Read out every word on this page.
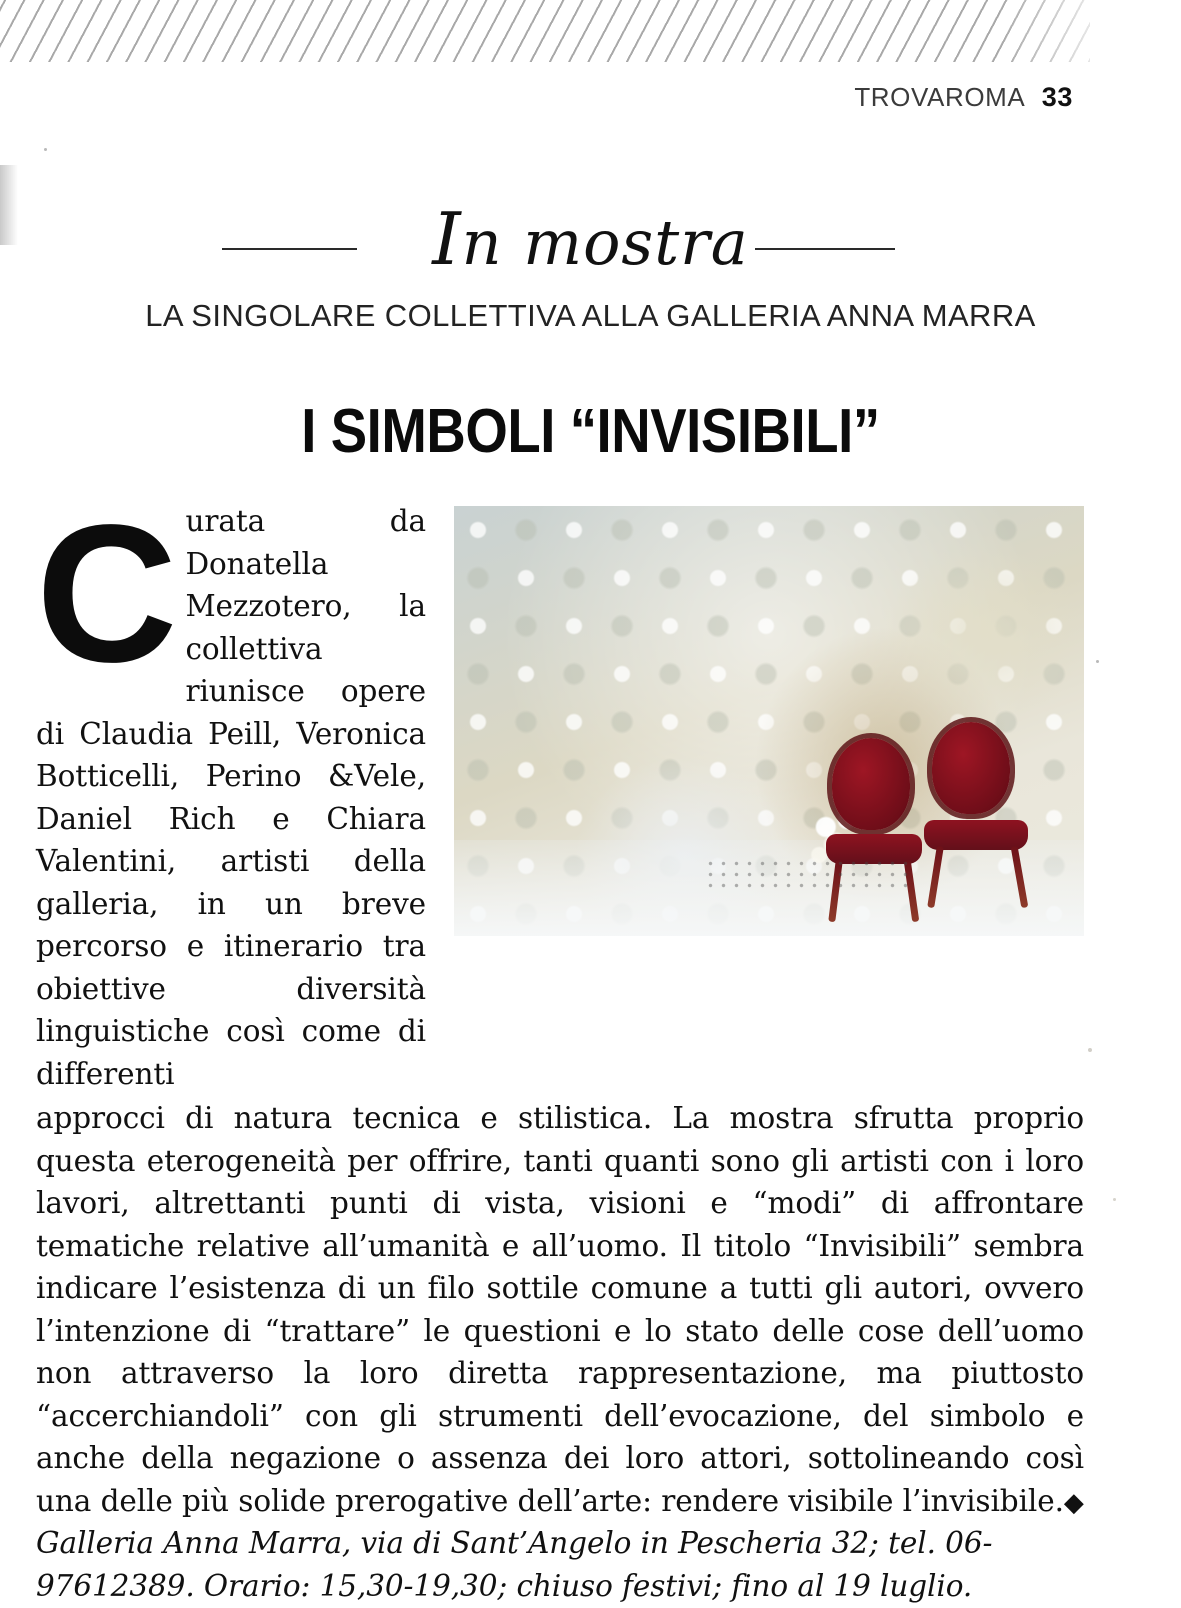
TROVAROMA 33
In mostra
LA SINGOLARE COLLETTIVA ALLA GALLERIA ANNA MARRA
I SIMBOLI “INVISIBILI”
Curata da Donatella Mezzotero, la collettiva riunisce opere di Claudia Peill, Veronica Botticelli, Perino &Vele, Daniel Rich e Chiara Valentini, artisti della galleria, in un breve percorso e itinerario tra obiettive diversità linguistiche così come di differenti

approcci di natura tecnica e stilistica. La mostra sfrutta proprio questa eterogeneità per offrire, tanti quanti sono gli artisti con i loro lavori, altrettanti punti di vista, visioni e “modi” di affrontare tematiche relative all’umanità e all’uomo. Il titolo “Invisibili” sembra indicare l’esistenza di un filo sottile comune a tutti gli autori, ovvero l’intenzione di “trattare” le questioni e lo stato delle cose dell’uomo non attraverso la loro diretta rappresentazione, ma piuttosto “accerchiandoli” con gli strumenti dell’evocazione, del simbolo e anche della negazione o assenza dei loro attori, sottolineando così una delle più solide prerogative dell’arte: rendere visibile l’invisibile.◆

Galleria Anna Marra, via di Sant’Angelo in Pescheria 32; tel. 06-97612389. Orario: 15,30-19,30; chiuso festivi; fino al 19 luglio.
